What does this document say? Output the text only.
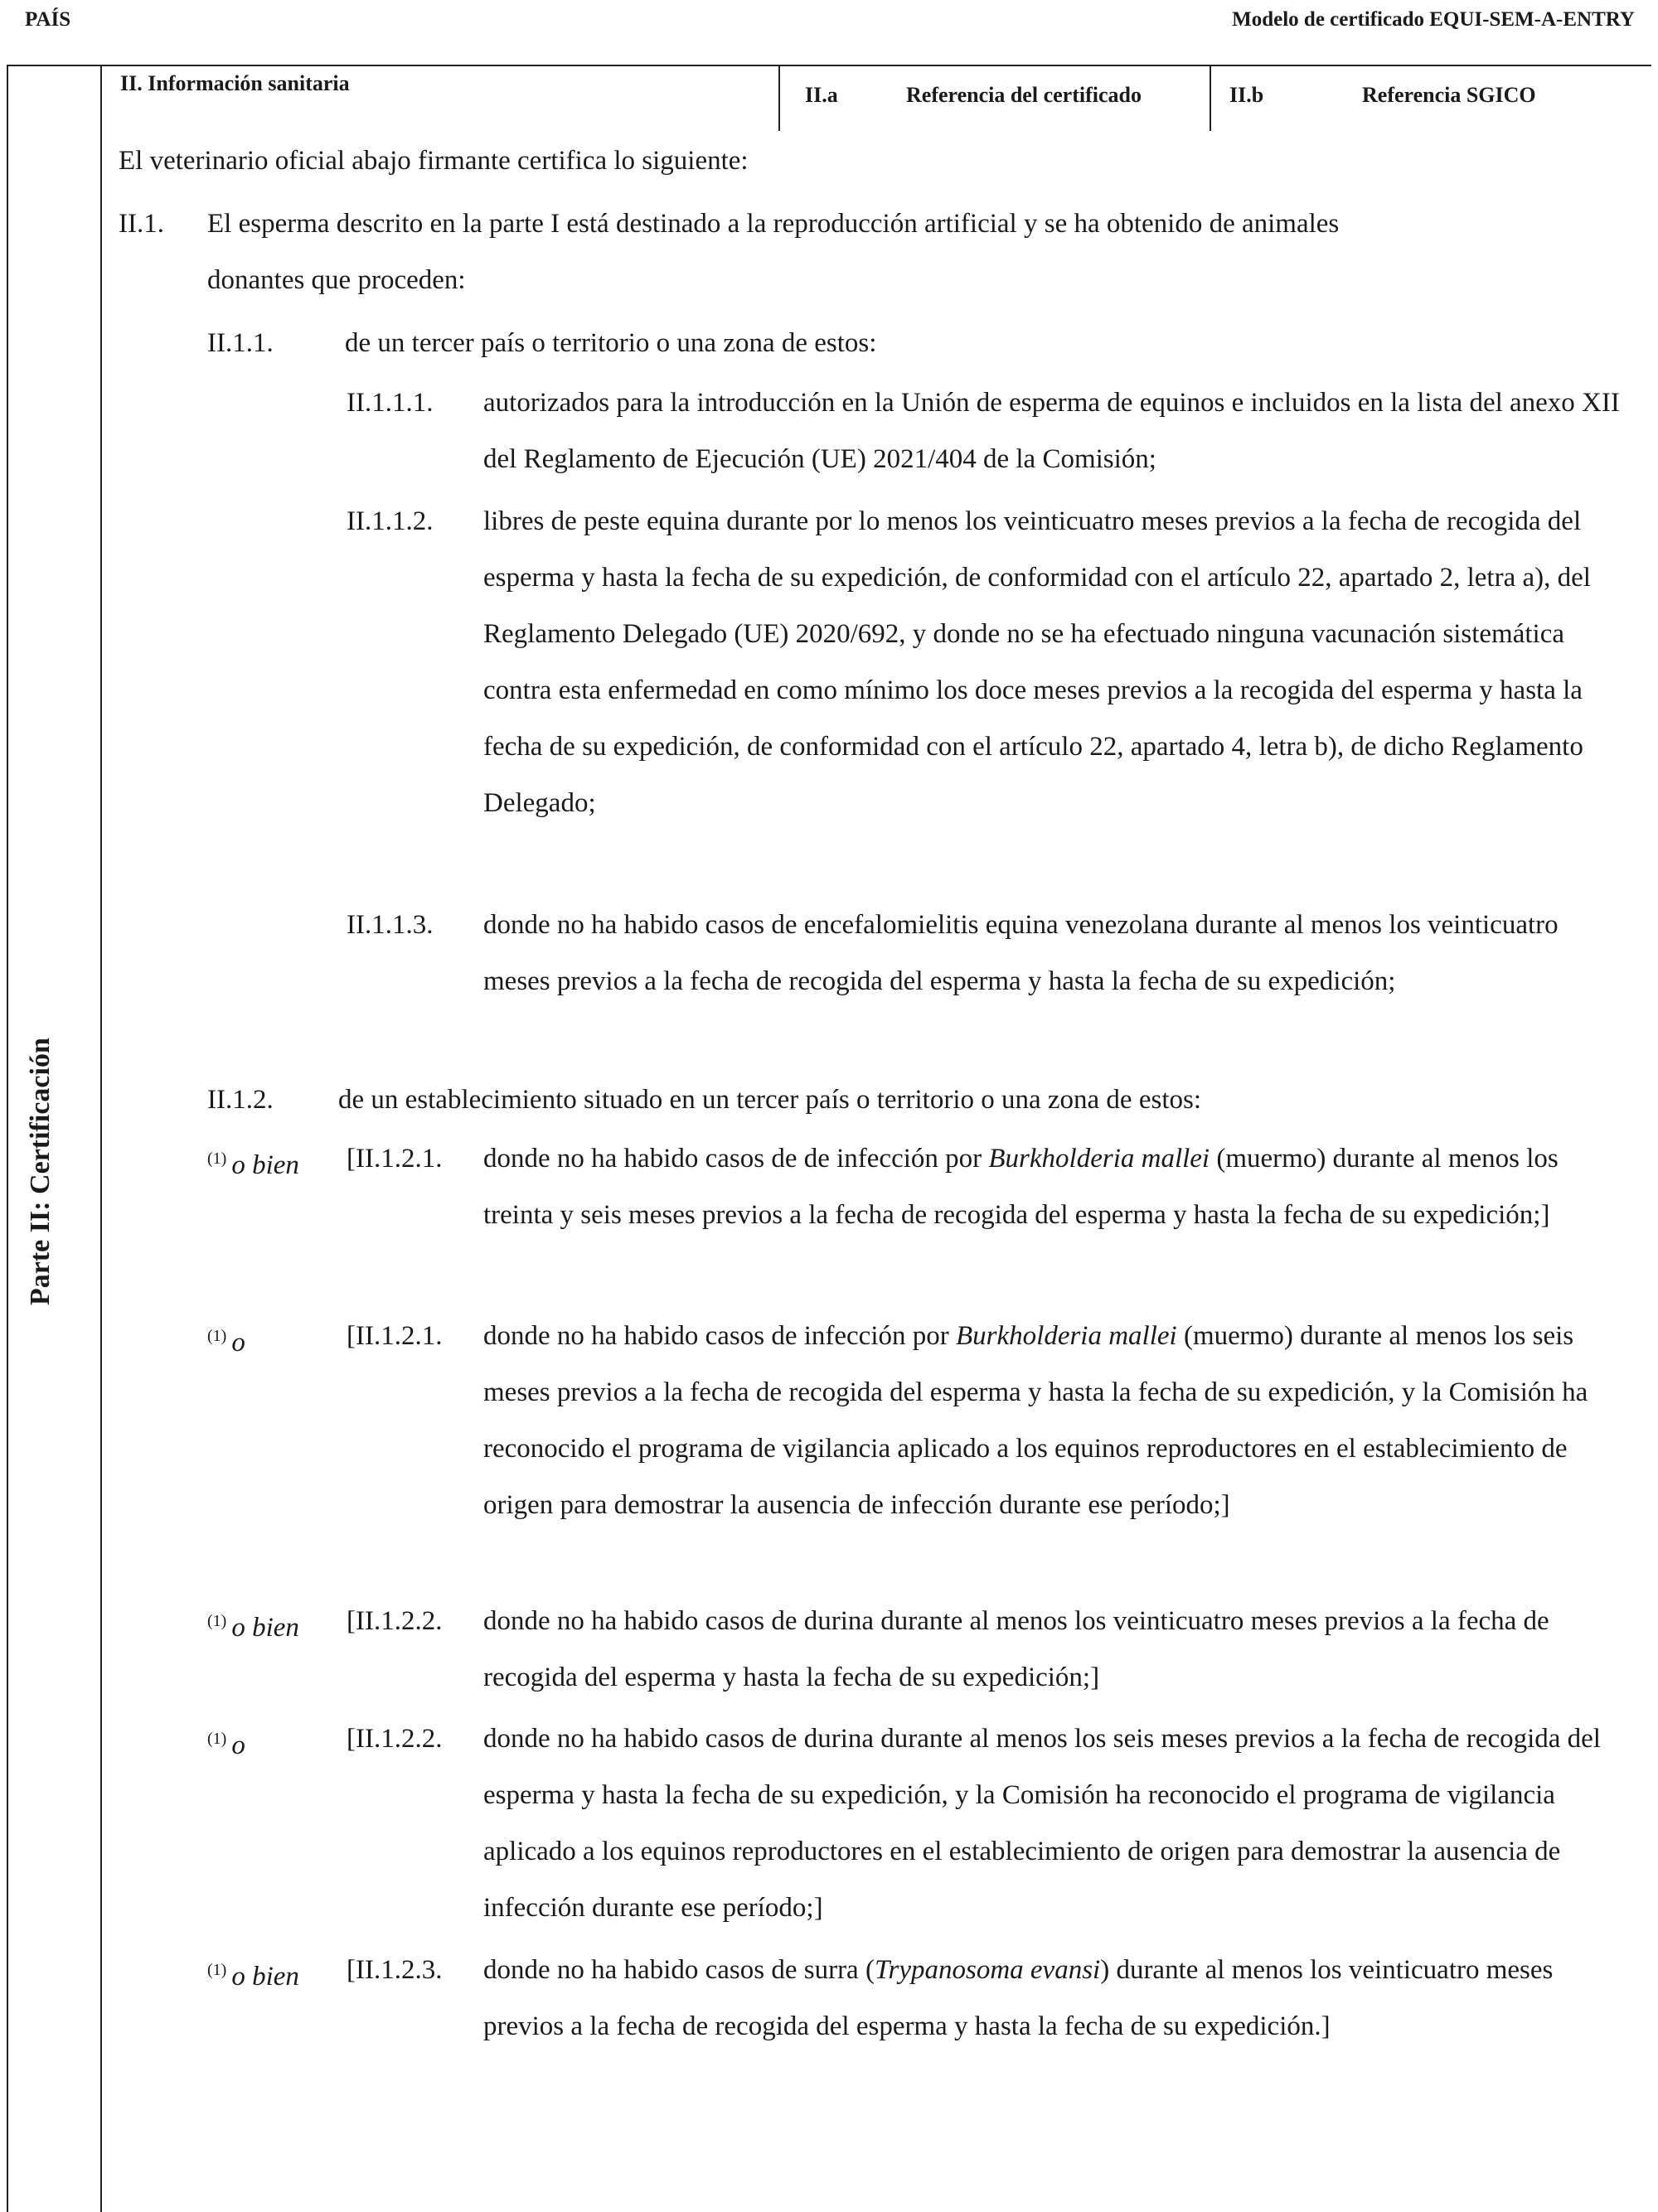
PAÍS	Modelo de certificado EQUI-SEM-A-ENTRY
Parte II: Certificación
II. Información sanitaria	II.a	Referencia del certificado	II.b	Referencia SGICO
El veterinario oficial abajo firmante certifica lo siguiente:
II.1. El esperma descrito en la parte I está destinado a la reproducción artificial y se ha obtenido de animales
donantes que proceden:
II.1.1.	de un tercer país o territorio o una zona de estos:
II.1.1.1. autorizados para la introducción en la Unión de esperma de equinos e incluidos en la lista del anexo XII del Reglamento de Ejecución (UE) 2021/404 de la Comisión;
II.1.1.2. libres de peste equina durante por lo menos los veinticuatro meses previos a la fecha de recogida del esperma y hasta la fecha de su expedición, de conformidad con el artículo 22, apartado 2, letra a), del Reglamento Delegado (UE) 2020/692, y donde no se ha efectuado ninguna vacunación sistemática contra esta enfermedad en como mínimo los doce meses previos a la recogida del esperma y hasta la fecha de su expedición, de conformidad con el artículo 22, apartado 4, letra b), de dicho Reglamento Delegado;
II.1.1.3. donde no ha habido casos de encefalomielitis equina venezolana durante al menos los veinticuatro meses previos a la fecha de recogida del esperma y hasta la fecha de su expedición;
II.1.2. de un establecimiento situado en un tercer país o territorio o una zona de estos:
$^{(1)}$ o bien [II.1.2.1. donde no ha habido casos de de infección por Burkholderia mallei (muermo) durante al menos los treinta y seis meses previos a la fecha de recogida del esperma y hasta la fecha de su expedición;]
$^{(1)}$ o	[II.1.2.1. donde no ha habido casos de infección por Burkholderia mallei (muermo) durante al menos los seis meses previos a la fecha de recogida del esperma y hasta la fecha de su expedición, y la Comisión ha reconocido el programa de vigilancia aplicado a los equinos reproductores en el establecimiento de origen para demostrar la ausencia de infección durante ese período;]
$^{(1)}$ o bien [II.1.2.2. donde no ha habido casos de durina durante al menos los veinticuatro meses previos a la fecha de recogida del esperma y hasta la fecha de su expedición;]
$^{(1)}$ o	[II.1.2.2. donde no ha habido casos de durina durante al menos los seis meses previos a la fecha de recogida del esperma y hasta la fecha de su expedición, y la Comisión ha reconocido el programa de vigilancia aplicado a los equinos reproductores en el establecimiento de origen para demostrar la ausencia de infección durante ese período;]
$^{(1)}$ o bien [II.1.2.3. donde no ha habido casos de surra (Trypanosoma evansi) durante al menos los veinticuatro meses previos a la fecha de recogida del esperma y hasta la fecha de su expedición.]
